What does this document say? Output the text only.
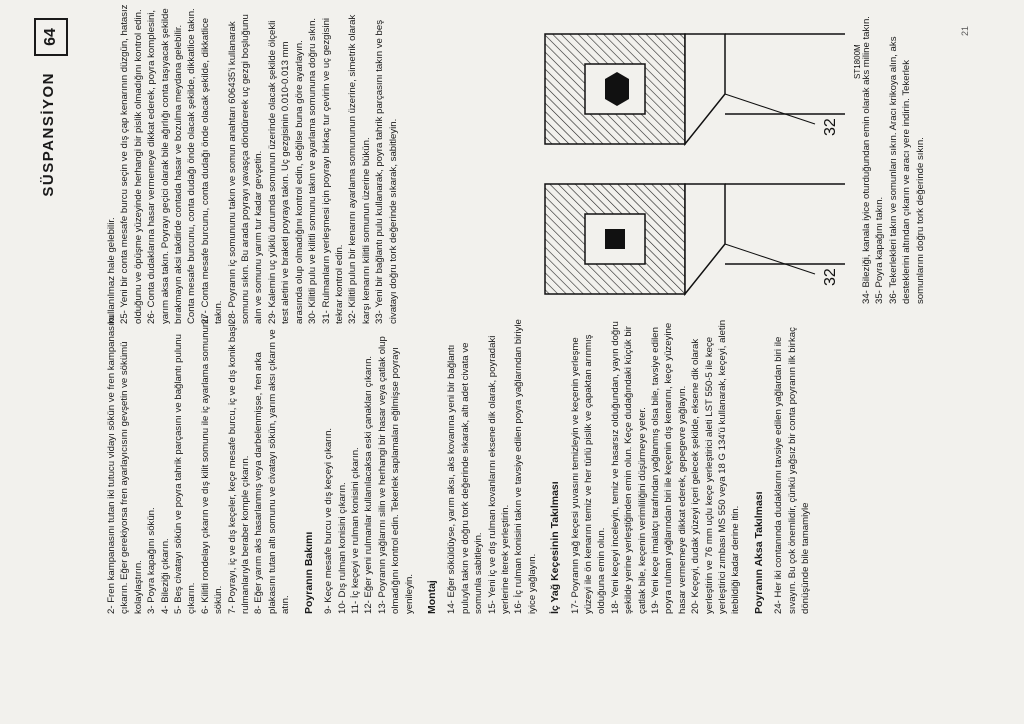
SÜSPANSİYON
64

2- Fren kampanasını tutan iki tutucu vidayı sökün ve fren kampanasını çıkarın. Eğer gerekiyorsa fren ayarlayıcısını gevşetin ve sökümü kolaylaştırın. 3- Poyra kapağını sökün. 4- Bileziği çıkarın. 5- Beş civatayı sökün ve poyra tahrik parçasını ve bağlantı pulunu çıkarın. 6- Kilitli rondelayı çıkarın ve dış kilit somunu ile iç ayarlama somununu sökün. 7- Poyrayı, iç ve dış keçeler, keçe mesafe burcu, iç ve dış konik başlı rulmanlarıyla beraber komple çıkarın. 8- Eğer yarım aks hasarlanmış veya darbelenmişse, fren arka plakasını tutan altı somunu ve civatayı sökün, yarım aksı çıkarın ve atın. Poyranın Bakımı 9- Keçe mesafe burcu ve dış keçeyi çıkarın. 10- Dış rulman konisini çıkarın. 11- İç keçeyi ve rulman konisini çıkarın. 12- Eğer yeni rulmanlar kullanılacaksa eski çanakları çıkarın. 13- Poyranın yağlarını silin ve herhangi bir hasar veya çatlak olup olmadığını kontrol edin. Tekerlek saplamaları eğilmişse poyrayı yenileyin. Montaj 14- Eğer söküldüyse, yarım aksı, aks kovanına yeni bir bağlantı puluyla takın ve doğru tork değerinde sıkarak, altı adet civata ve somunla sabitleyin. 15- Yeni iç ve dış rulman kovanlarını eksene dik olarak, poyradaki yerlerine iterek yerleştirin. 16- İç rulman konisini takın ve tavsiye edilen poyra yağlarından biriyle iyice yağlayın. İç Yağ Keçesinin Takılması 17- Poyranın yağ keçesi yuvasını temizleyin ve keçenin yerleşme yüzeyi ile ön kenarını temiz ve her türlü pislik ve çapaktan arınmış olduğuna emin olun. 18- Yeni keçeyi inceleyin, temiz ve hasarsız olduğundan, yayın doğru şekilde yerine yerleştiğinden emin olun. Keçe dudağındaki küçük bir çatlak bile, keçenin verimliliğini düşürmeye yeter. 19- Yeni keçe imalatçı tarafından yağlanmış olsa bile, tavsiye edilen poyra rulman yağlarından biri ile keçenin dış kenarını, keçe yüzeyine hasar vermemeye dikkat ederek, gepegevre yağlayın. 20- Keçeyi, dudak yüzeyi içeri gelecek şekilde, eksene dik olarak yerleştirin ve 76 mm uçlu keçe yerleştirici aleti LST 550-5 ile keçe yerleştirici zımbası MS 550 veya 18 G 134'ü kullanarak, keçeyi, aletin itebildiği kadar derine itin. Poyranın Aksa Takılması 24- Her iki contanında dudaklarını tavsiye edilen yağlardan biri ile sıvayın. Bu çok önemlidir, çünkü yağsız bir conta poyranın ilk birkaç dönüşünde bile tamamiyle

kullanılmaz hale gelebilir. 25- Yeni bir conta mesafe burcu seçin ve dış çap kenarının düzgün, hatasız olduğunu ve öpüşme yüzeyinde herhangi bir pislik olmadığını kontrol edin. 26- Conta dudaklarına hasar vermemeye dikkat ederek, poyra komplesini, yarım aksa takın. Poyrayı geçici olarak bile ağırlığı conta taşıyacak şekilde bırakmayın aksi takdirde contada hasar ve bozulma meydana gelebilir. Conta mesafe burcunu, conta dudağı önde olacak şekilde, dikkatlice takın. 27- Conta mesafe burcunu, conta dudağı önde olacak şekilde, dikkatlice takın. 28- Poyranın iç somununu takın ve somun anahtarı 606435'i kullanarak somunu sıkın. Bu arada poyrayı yavaşça döndürerek uç gezgi boşluğunu alın ve somunu yarım tur kadar gevşetin. 29- Kalemin uç yüklü durumda somunun üzerinde olacak şekilde ölçekli test aletini ve braketi poyraya takın. Uç gezgisinin 0.010-0.013 mm arasında olup olmadığını kontrol edin, değilse buna göre ayarlayın. 30- Kilitli pulu ve kilitli somunu takın ve ayarlama somununa doğru sıkın. 31- Rulmanların yerleşmesi için poyrayı birkaç tur çevirin ve uç gezgisini tekrar kontrol edin. 32- Kilitli pulun bir kenarını ayarlama somununun üzerine, simetrik olarak karşı kenarını kilitli somunun üzerine bükün. 33- Yeni bir bağlantı pulu kullanarak, poyra tahrik parçasını takın ve beş civatayı doğru tork değerinde sıkarak, sabitleyin.	32
32
ST1800M 34- Bileziği, kanala iyice oturduğundan emin olarak aks miline takın. 35- Poyra kapağını takın. 36- Tekerlekleri takın ve somunları sıkın. Aracı krikoya alın, aks desteklerini altından çıkarın ve aracı yere indirin. Tekerlek somunlarını doğru tork değerinde sıkın.

21
